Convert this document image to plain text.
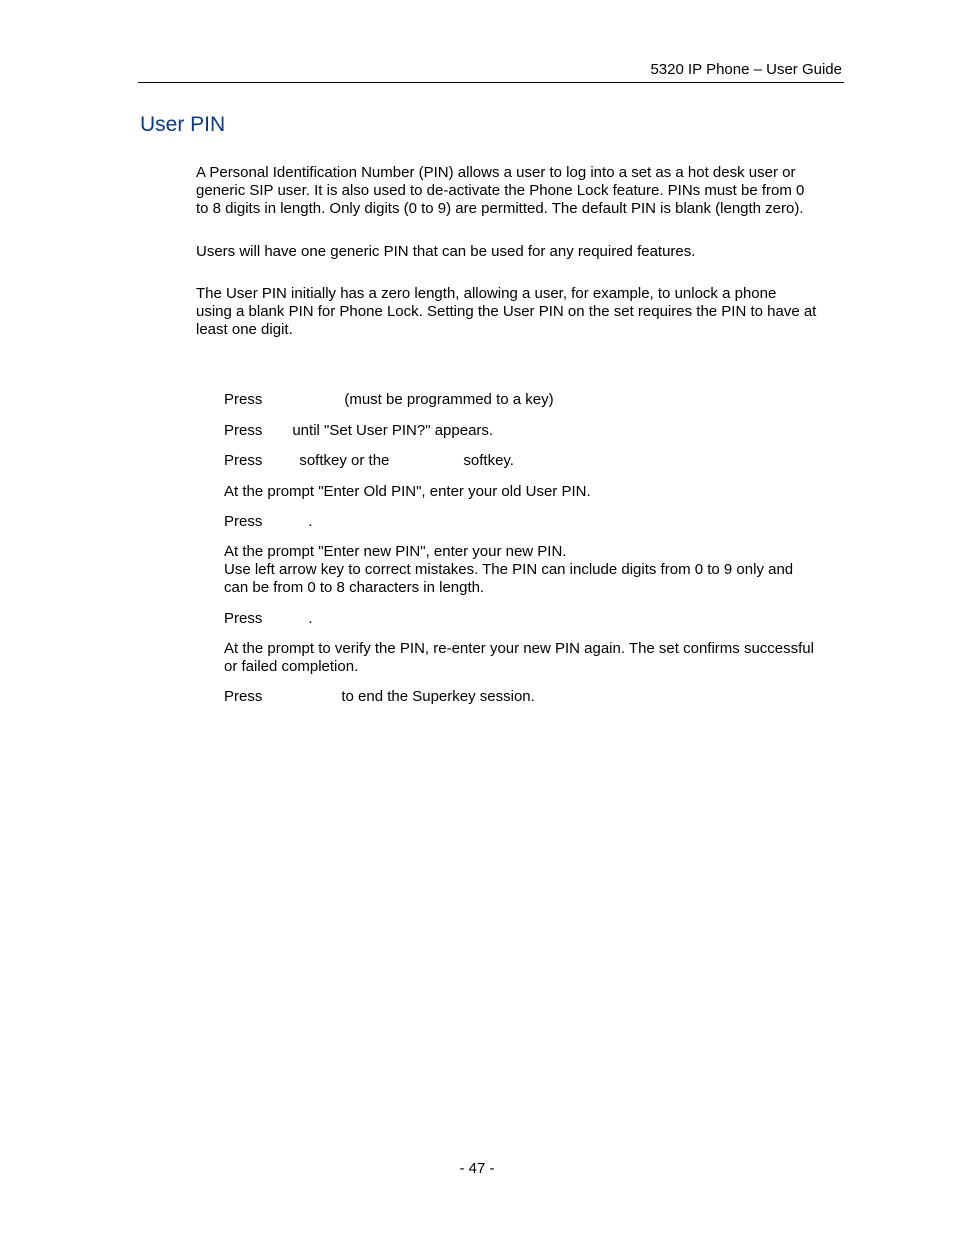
5320 IP Phone – User Guide
User PIN
A Personal Identification Number (PIN) allows a user to log into a set as a hot desk user or
generic SIP user. It is also used to de-activate the Phone Lock feature. PINs must be from 0
to 8 digits in length. Only digits (0 to 9) are permitted. The default PIN is blank (length zero).
Users will have one generic PIN that can be used for any required features.
The User PIN initially has a zero length, allowing a user, for example, to unlock a phone
using a blank PIN for Phone Lock. Setting the User PIN on the set requires the PIN to have at
least one digit.
Press	(must be programmed to a key)
Press until "Set User PIN?" appears.
Press softkey or the	softkey.
At the prompt "Enter Old PIN", enter your old User PIN.
Press	.
At the prompt "Enter new PIN", enter your new PIN.
Use left arrow key to correct mistakes. The PIN can include digits from 0 to 9 only and
can be from 0 to 8 characters in length.
Press	.
At the prompt to verify the PIN, re-enter your new PIN again. The set confirms successful
or failed completion.
Press	to end the Superkey session.
- 47 -
